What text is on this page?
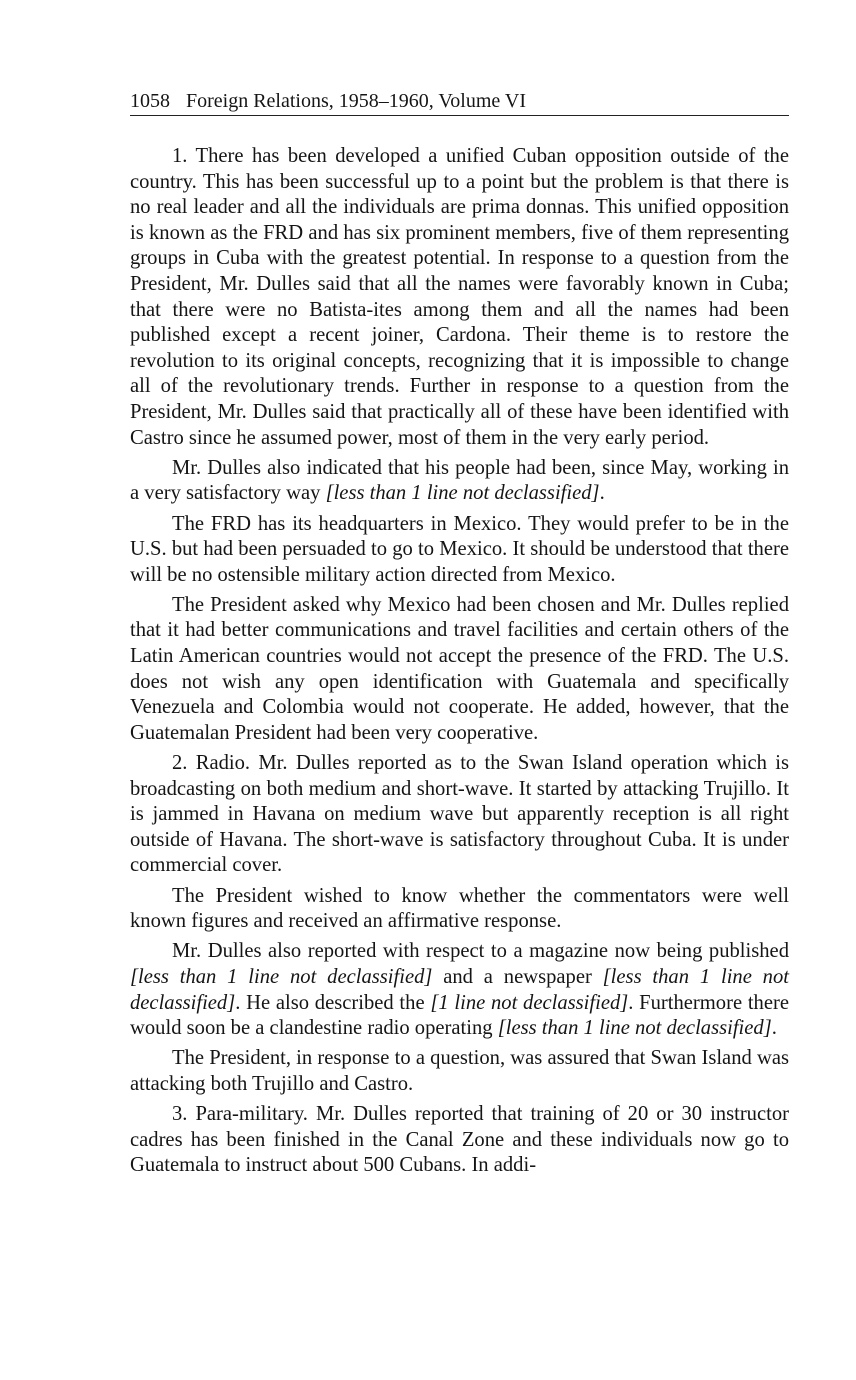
1058 Foreign Relations, 1958–1960, Volume VI

1. There has been developed a unified Cuban opposition outside of the country. This has been successful up to a point but the problem is that there is no real leader and all the individuals are prima donnas. This unified opposition is known as the FRD and has six prominent members, five of them representing groups in Cuba with the greatest potential. In response to a question from the President, Mr. Dulles said that all the names were favorably known in Cuba; that there were no Batista-ites among them and all the names had been published except a recent joiner, Cardona. Their theme is to restore the revolution to its original concepts, recognizing that it is impossible to change all of the revolutionary trends. Further in response to a question from the President, Mr. Dulles said that practically all of these have been identified with Castro since he assumed power, most of them in the very early period.

Mr. Dulles also indicated that his people had been, since May, working in a very satisfactory way [less than 1 line not declassified].

The FRD has its headquarters in Mexico. They would prefer to be in the U.S. but had been persuaded to go to Mexico. It should be understood that there will be no ostensible military action directed from Mexico.

The President asked why Mexico had been chosen and Mr. Dulles replied that it had better communications and travel facilities and certain others of the Latin American countries would not accept the presence of the FRD. The U.S. does not wish any open identification with Guatemala and specifically Venezuela and Colombia would not cooperate. He added, however, that the Guatemalan President had been very cooperative.

2. Radio. Mr. Dulles reported as to the Swan Island operation which is broadcasting on both medium and short-wave. It started by attacking Trujillo. It is jammed in Havana on medium wave but apparently reception is all right outside of Havana. The short-wave is satisfactory throughout Cuba. It is under commercial cover.

The President wished to know whether the commentators were well known figures and received an affirmative response.

Mr. Dulles also reported with respect to a magazine now being published [less than 1 line not declassified] and a newspaper [less than 1 line not declassified]. He also described the [1 line not declassified]. Furthermore there would soon be a clandestine radio operating [less than 1 line not declassified].

The President, in response to a question, was assured that Swan Island was attacking both Trujillo and Castro.

3. Para-military. Mr. Dulles reported that training of 20 or 30 instructor cadres has been finished in the Canal Zone and these individuals now go to Guatemala to instruct about 500 Cubans. In addi-
